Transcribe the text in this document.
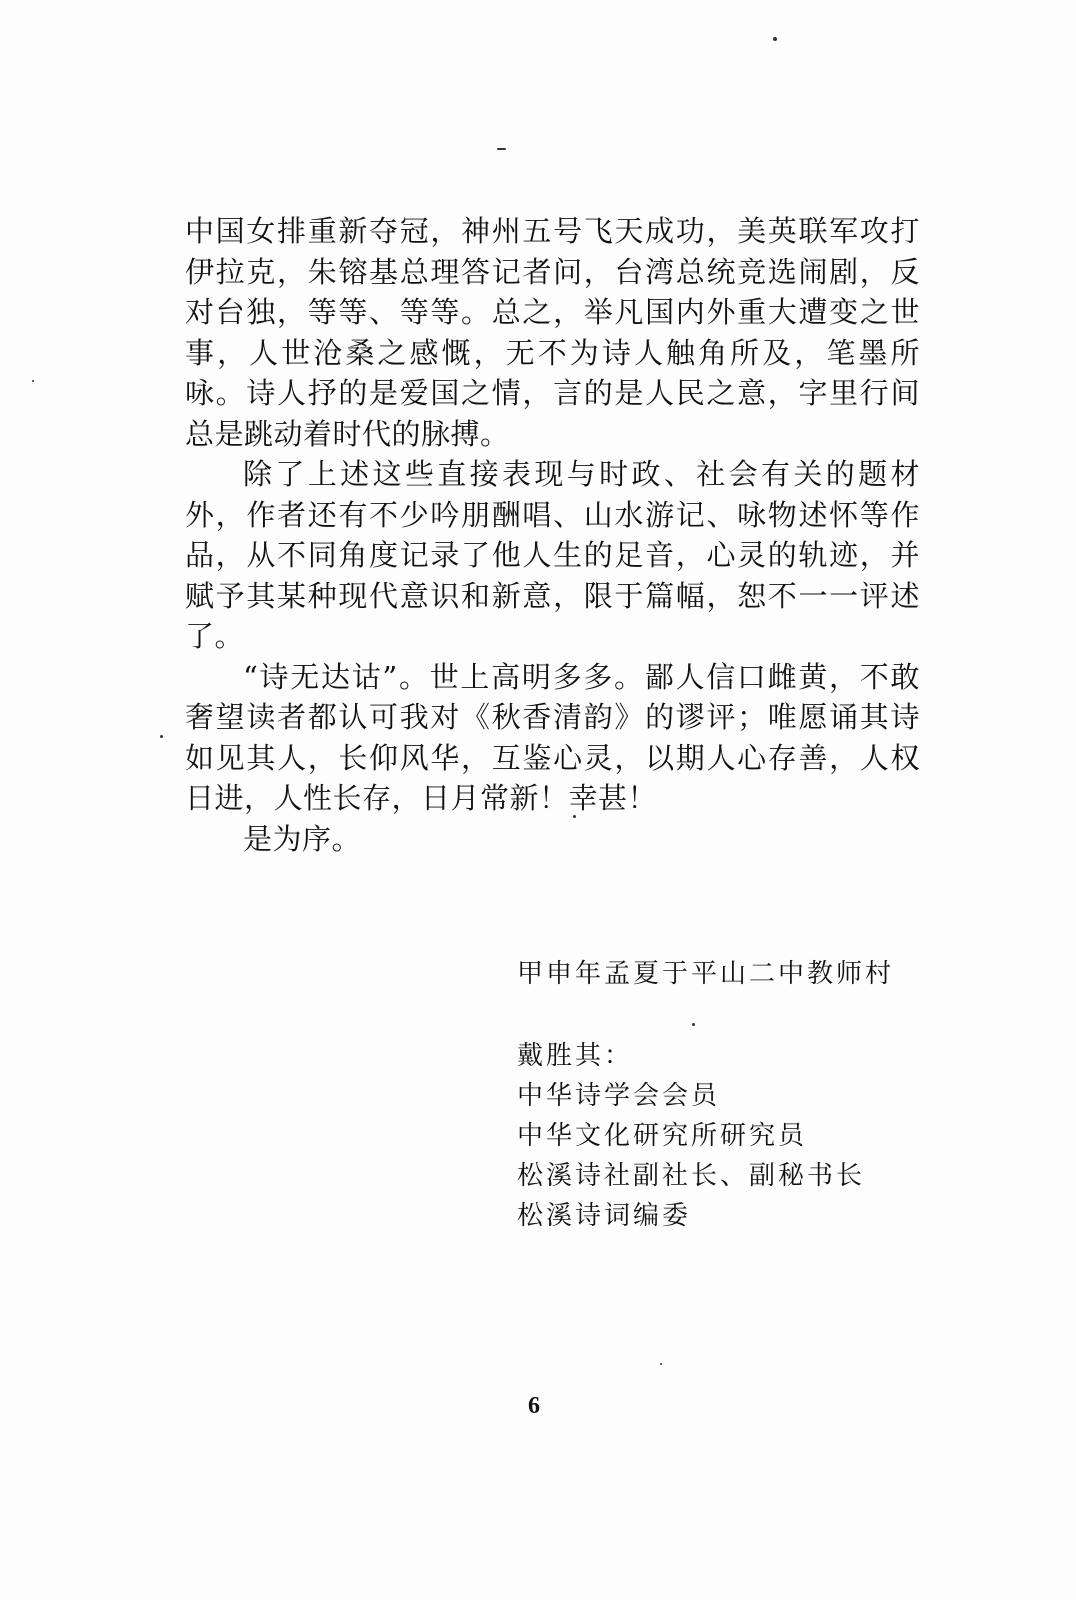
中国女排重新夺冠，神州五号飞天成功，美英联军攻打伊拉克，朱镕基总理答记者问，台湾总统竞选闹剧，反对台独，等等、等等。总之，举凡国内外重大遭变之世事，人世沧桑之感慨，无不为诗人触角所及，笔墨所咏。诗人抒的是爱国之情，言的是人民之意，字里行间总是跳动着时代的脉搏。

除了上述这些直接表现与时政、社会有关的题材外，作者还有不少吟朋酬唱、山水游记、咏物述怀等作品，从不同角度记录了他人生的足音，心灵的轨迹，并赋予其某种现代意识和新意，限于篇幅，恕不一一评述了。

“诗无达诂”。世上高明多多。鄙人信口雌黄，不敢奢望读者都认可我对《秋香清韵》的谬评；唯愿诵其诗如见其人，长仰风华，互鉴心灵，以期人心存善，人权日进，人性长存，日月常新！幸甚！

是为序。

甲申年孟夏于平山二中教师村
戴胜其：
中华诗学会会员
中华文化研究所研究员
松溪诗社副社长、副秘书长
松溪诗词编委
6
